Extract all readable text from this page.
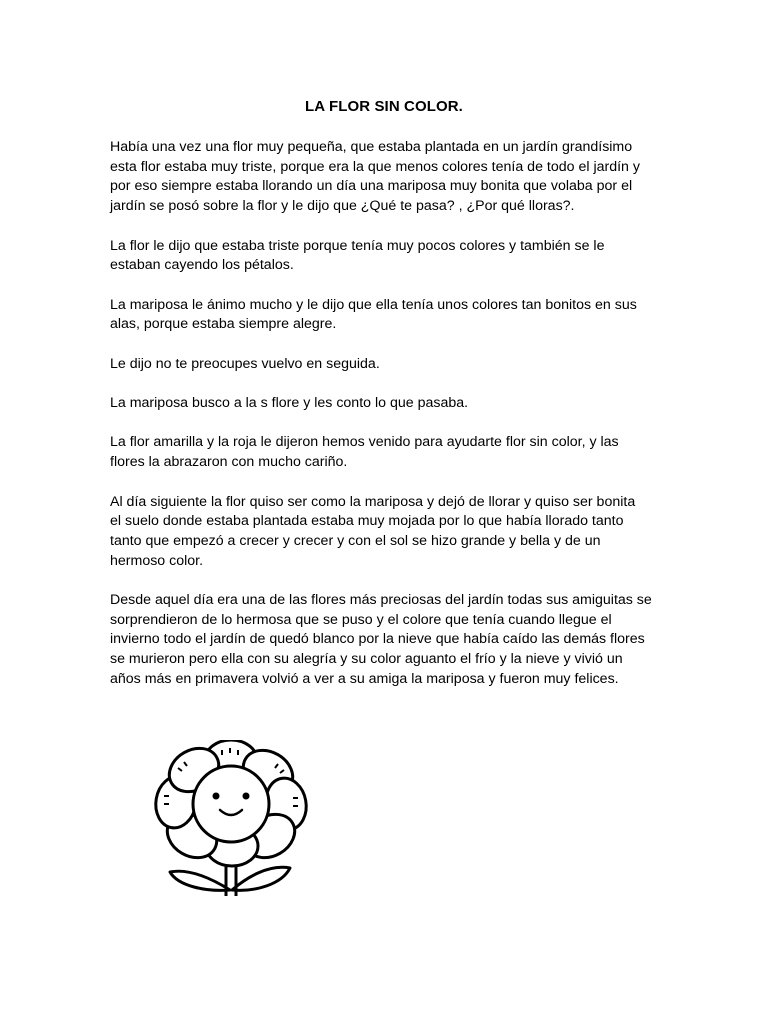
LA FLOR SIN COLOR.

Había una vez una flor muy pequeña, que estaba plantada en un jardín grandísimo
esta flor estaba muy triste, porque era la que menos colores tenía de todo el jardín y
por eso siempre estaba llorando un día una mariposa muy bonita que volaba por el
jardín se posó sobre la flor y le dijo que ¿Qué te pasa? , ¿Por qué lloras?.

La flor le dijo que estaba triste porque tenía muy pocos colores y también se le
estaban cayendo los pétalos.

La mariposa le ánimo mucho y le dijo que ella tenía unos colores tan bonitos en sus
alas, porque estaba siempre alegre.

Le dijo no te preocupes vuelvo en seguida.

La mariposa busco a la s flore y les conto lo que pasaba.

La flor amarilla y la roja le dijeron hemos venido para ayudarte flor sin color, y las
flores la abrazaron con mucho cariño.

Al día siguiente la flor quiso ser como la mariposa y dejó de llorar y quiso ser bonita
el suelo donde estaba plantada estaba muy mojada por lo que había llorado tanto
tanto que empezó a crecer y crecer y con el sol se hizo grande y bella y de un
hermoso color.

Desde aquel día era una de las flores más preciosas del jardín todas sus amiguitas se
sorprendieron de lo hermosa que se puso y el colore que tenía cuando llegue el
invierno todo el jardín de quedó blanco por la nieve que había caído las demás flores
se murieron pero ella con su alegría y su color aguanto el frío y la nieve y vivió un
años más en primavera volvió a ver a su amiga la mariposa y fueron muy felices.
